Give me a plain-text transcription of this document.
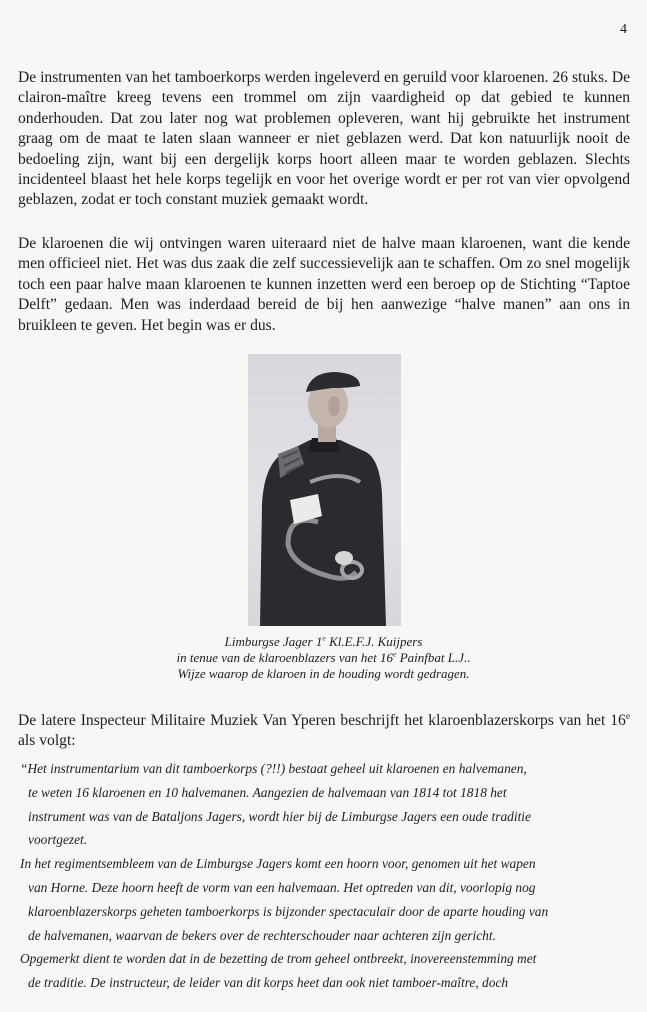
4

De instrumenten van het tamboerkorps werden ingeleverd en geruild voor klaroenen. 26 stuks. De clairon-maître kreeg tevens een trommel om zijn vaardigheid op dat gebied te kunnen onderhouden. Dat zou later nog wat problemen opleveren, want hij gebruikte het instrument graag om de maat te laten slaan wanneer er niet geblazen werd. Dat kon natuurlijk nooit de bedoeling zijn, want bij een dergelijk korps hoort alleen maar te worden geblazen. Slechts incidenteel blaast het hele korps tegelijk en voor het overige wordt er per rot van vier opvolgend geblazen, zodat er toch constant muziek gemaakt wordt.

De klaroenen die wij ontvingen waren uiteraard niet de halve maan klaroenen, want die kende men officieel niet. Het was dus zaak die zelf successievelijk aan te schaffen. Om zo snel mogelijk toch een paar halve maan klaroenen te kunnen inzetten werd een beroep op de Stichting “Taptoe Delft” gedaan. Men was inderdaad bereid de bij hen aanwezige “halve manen” aan ons in bruikleen te geven. Het begin was er dus.

Limburgse Jager 1e Kl.E.F.J. Kuijpers
in tenue van de klaroenblazers van het 16e Painfbat L.J..
Wijze waarop de klaroen in de houding wordt gedragen.

De latere Inspecteur Militaire Muziek Van Yperen beschrijft het klaroenblazerskorps van het 16e als volgt:

“Het instrumentarium van dit tamboerkorps (?!!) bestaat geheel uit klaroenen en halvemanen,
te weten 16 klaroenen en 10 halvemanen. Aangezien de halvemaan van 1814 tot 1818 het
instrument was van de Bataljons Jagers, wordt hier bij de Limburgse Jagers een oude traditie
voortgezet.
In het regimentsembleem van de Limburgse Jagers komt een hoorn voor, genomen uit het wapen
van Horne. Deze hoorn heeft de vorm van een halvemaan. Het optreden van dit, voorlopig nog
klaroenblazerskorps geheten tamboerkorps is bijzonder spectaculair door de aparte houding van
de halvemanen, waarvan de bekers over de rechterschouder naar achteren zijn gericht.
Opgemerkt dient te worden dat in de bezetting de trom geheel ontbreekt, inovereenstemming met
de traditie. De instructeur, de leider van dit korps heet dan ook niet tamboer-maître, doch
